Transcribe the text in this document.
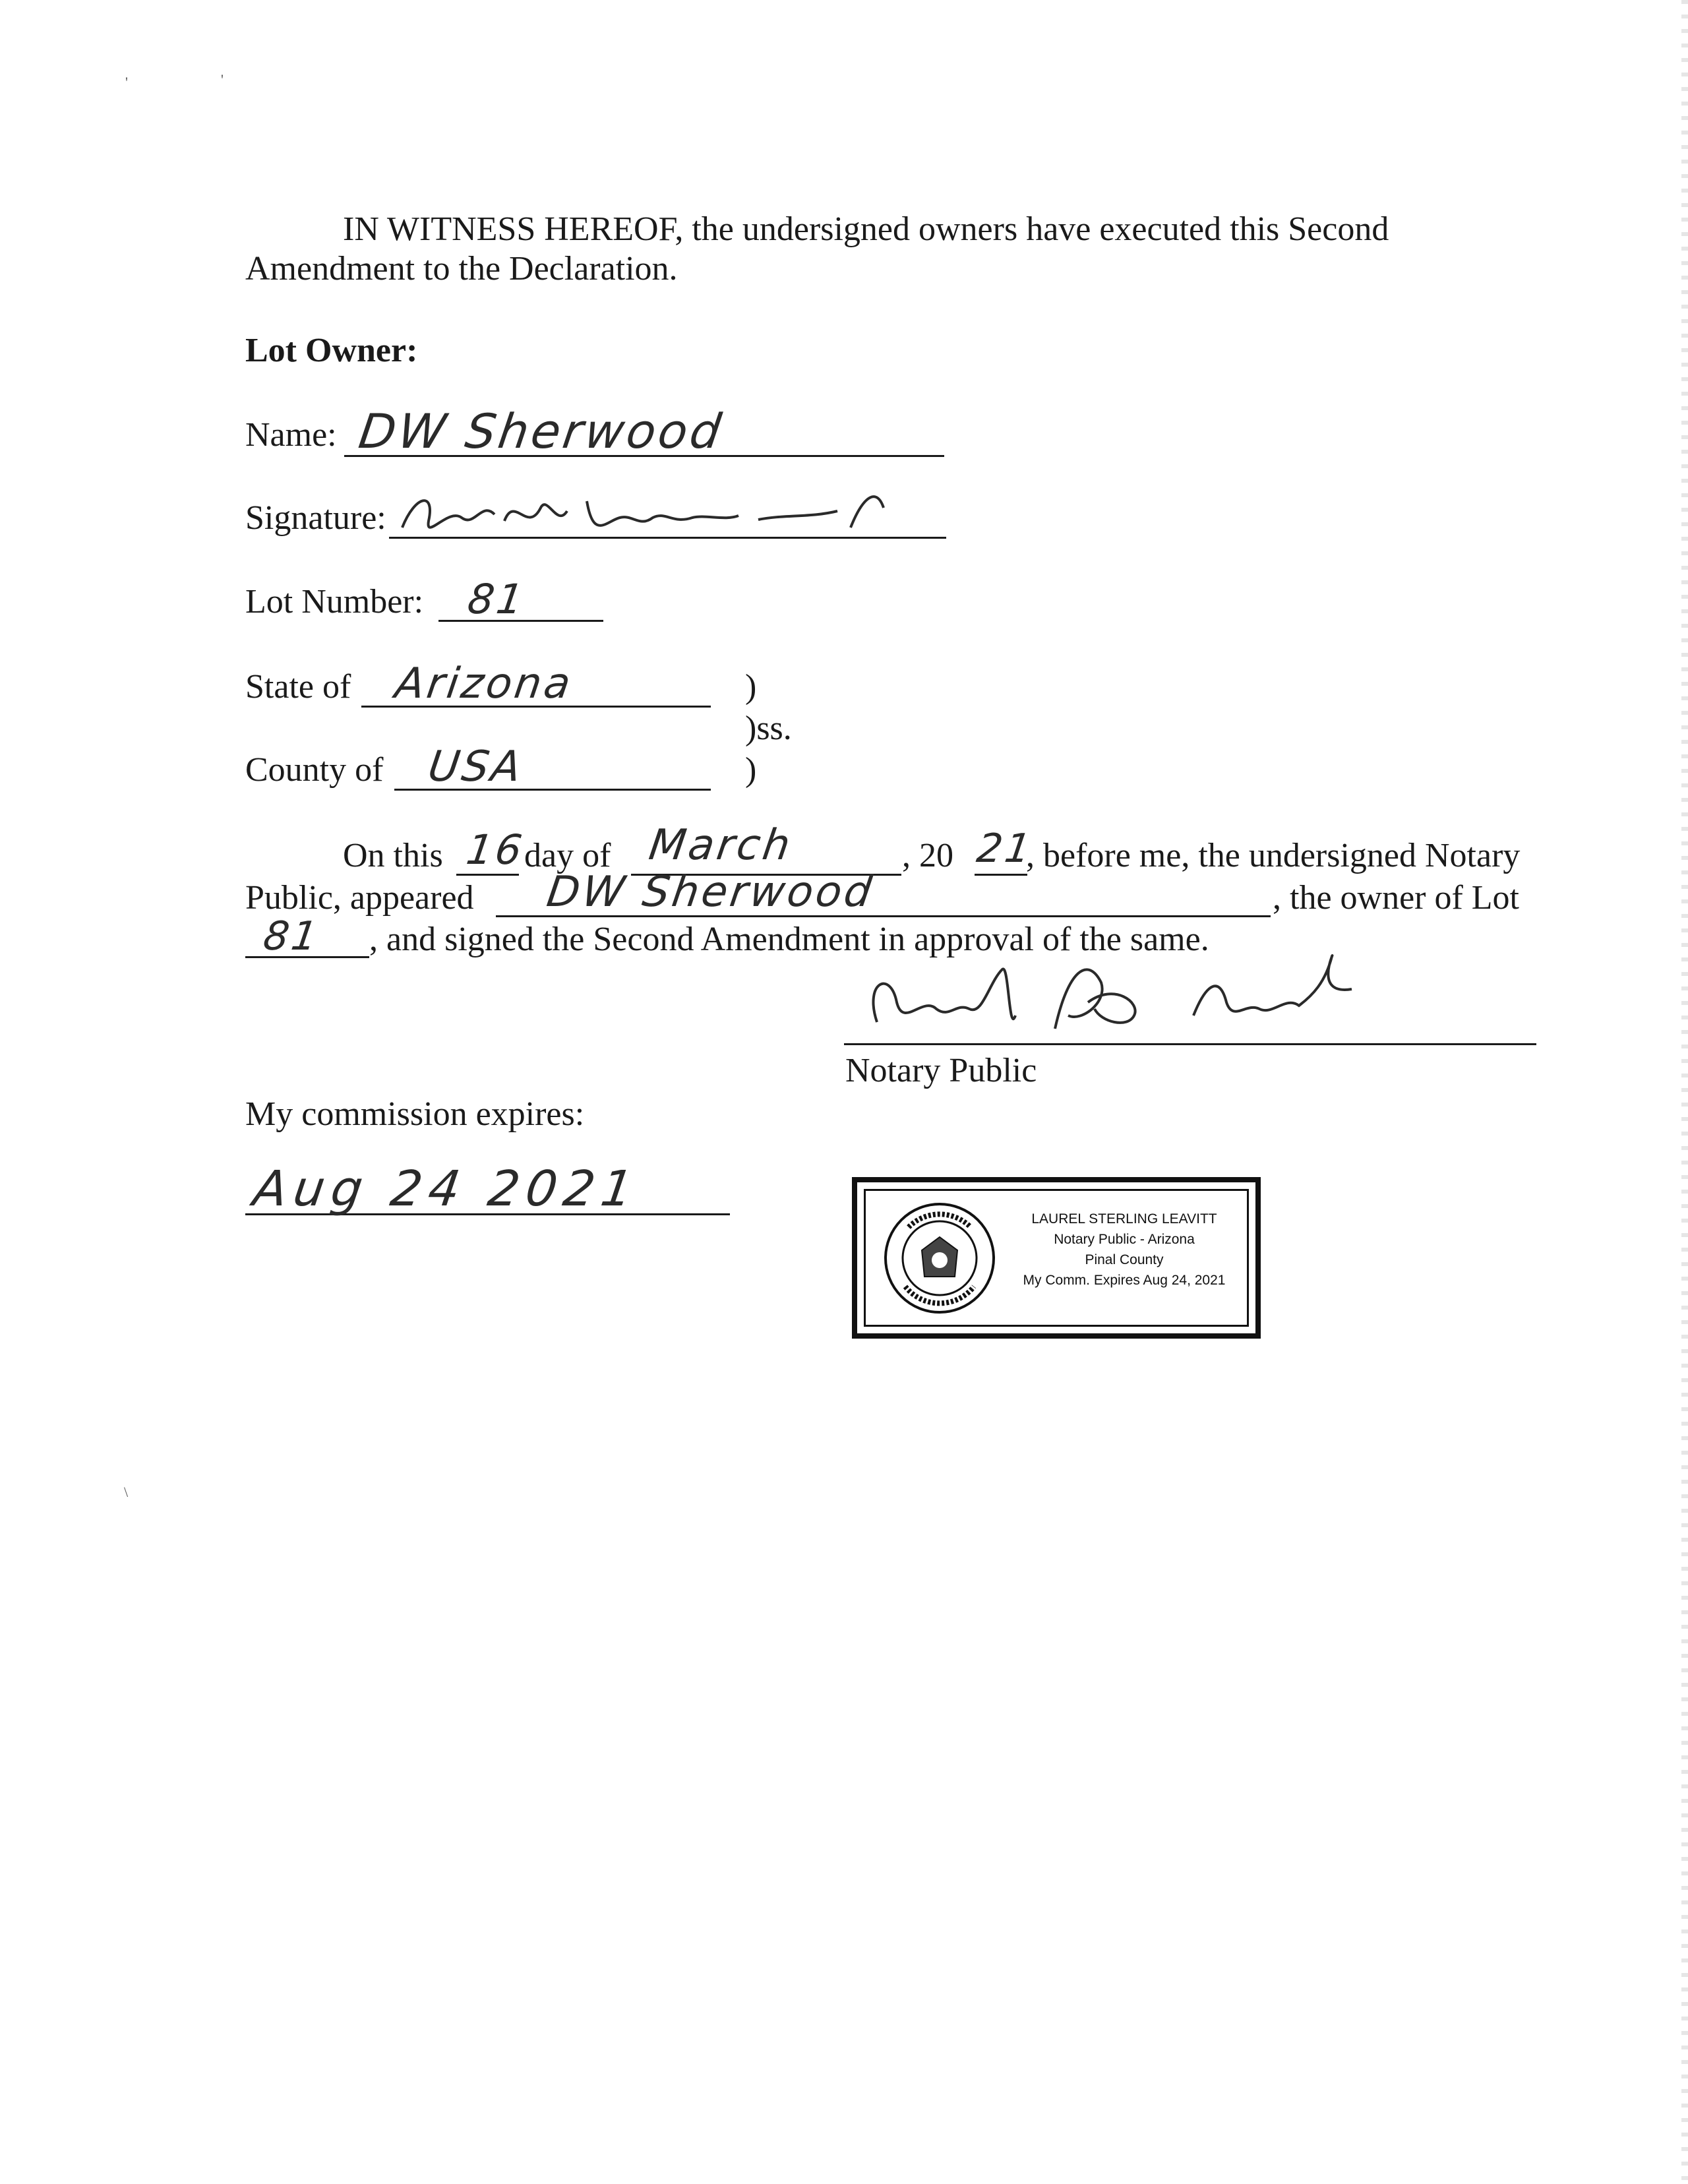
'	'
\
IN WITNESS HEREOF, the undersigned owners have executed this Second
Amendment to the Declaration.
Lot Owner:
Name: DW Sherwood
Signature:
Lot Number: 81
State of Arizona	)
)ss.
County of USA	)
On this 16
day of March	, 20 21
, before me, the undersigned Notary
Public, appeared DW Sherwood	, the owner of Lot
81 , and signed the Second Amendment in approval of the same.
Notary Public
My commission expires:
Aug 24 2021
LAUREL STERLING LEAVITT
Notary Public - Arizona
Pinal County
My Comm. Expires Aug 24, 2021
